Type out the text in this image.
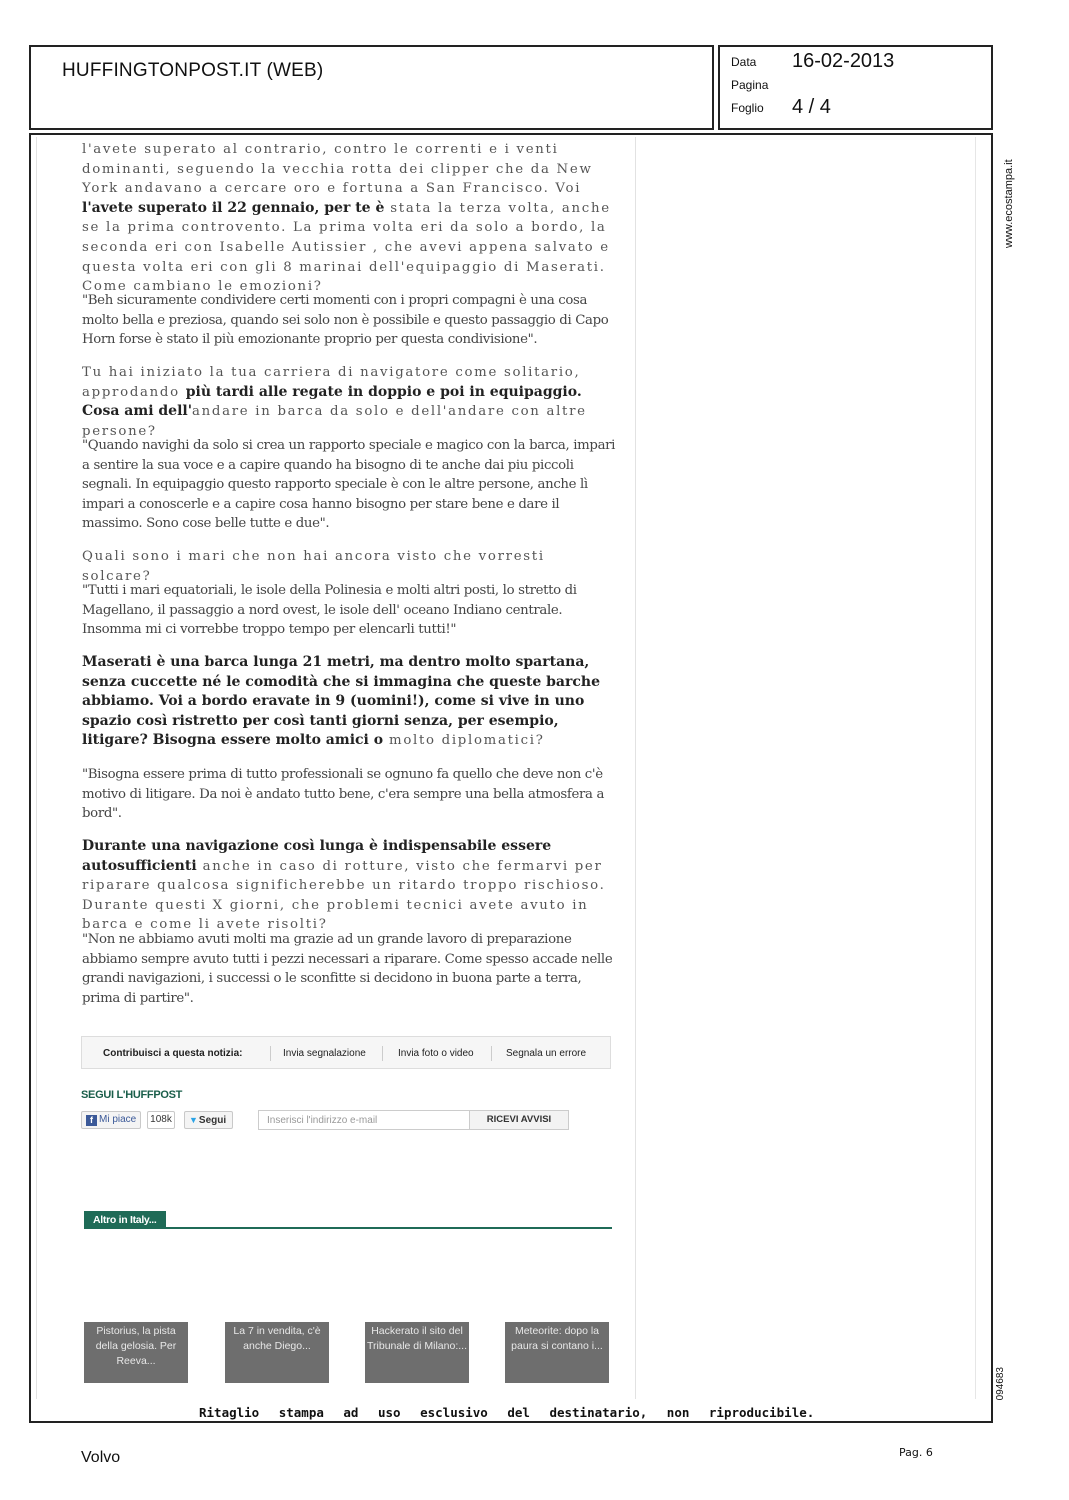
HUFFINGTONPOST.IT (WEB)	Data 16-02-2013
Pagina
Foglio 4 / 4

l'avete superato al contrario, contro le correnti e i venti dominanti, seguendo la vecchia rotta dei clipper che da New York andavano a cercare oro e fortuna a San Francisco. Voi l'avete superato il 22 gennaio, per te è stata la terza volta, anche se la prima controvento. La prima volta eri da solo a bordo, la seconda eri con Isabelle Autissier , che avevi appena salvato e questa volta eri con gli 8 marinai dell'equipaggio di Maserati. Come cambiano le emozioni?

"Beh sicuramente condividere certi momenti con i propri compagni è una cosa molto bella e preziosa, quando sei solo non è possibile e questo passaggio di Capo Horn forse è stato il più emozionante proprio per questa condivisione".

Tu hai iniziato la tua carriera di navigatore come solitario, approdando più tardi alle regate in doppio e poi in equipaggio. Cosa ami dell'andare in barca da solo e dell'andare con altre persone?

"Quando navighi da solo si crea un rapporto speciale e magico con la barca, impari a sentire la sua voce e a capire quando ha bisogno di te anche dai piu piccoli segnali. In equipaggio questo rapporto speciale è con le altre persone, anche lì impari a conoscerle e a capire cosa hanno bisogno per stare bene e dare il massimo. Sono cose belle tutte e due".

Quali sono i mari che non hai ancora visto che vorresti solcare?

"Tutti i mari equatoriali, le isole della Polinesia e molti altri posti, lo stretto di Magellano, il passaggio a nord ovest, le isole dell' oceano Indiano centrale. Insomma mi ci vorrebbe troppo tempo per elencarli tutti!"

Maserati è una barca lunga 21 metri, ma dentro molto spartana, senza cuccette né le comodità che si immagina che queste barche abbiamo. Voi a bordo eravate in 9 (uomini!), come si vive in uno spazio così ristretto per così tanti giorni senza, per esempio, litigare? Bisogna essere molto amici o molto diplomatici?

"Bisogna essere prima di tutto professionali se ognuno fa quello che deve non c'è motivo di litigare. Da noi è andato tutto bene, c'era sempre una bella atmosfera a bord".

Durante una navigazione così lunga è indispensabile essere autosufficienti anche in caso di rotture, visto che fermarvi per riparare qualcosa significherebbe un ritardo troppo rischioso. Durante questi X giorni, che problemi tecnici avete avuto in barca e come li avete risolti?

"Non ne abbiamo avuti molti ma grazie ad un grande lavoro di preparazione abbiamo sempre avuto tutti i pezzi necessari a riparare. Come spesso accade nelle grandi navigazioni, i successi o le sconfitte si decidono in buona parte a terra, prima di partire".

Contribuisci a questa notizia:	Invia segnalazione	Invia foto o video	Segnala un errore
SEGUI L'HUFFPOST
f Mi piace	108k	▼Segui	Inserisci l'indirizzo e-mail	RICEVI AVVISI
Altro in Italy...
Pistorius, la pista della gelosia. Per Reeva...
La 7 in vendita, c'è anche Diego...
Hackerato il sito del Tribunale di Milano:...
Meteorite: dopo la paura si contano i...
Ritaglio stampa ad uso esclusivo del destinatario, non riproducibile.
www.ecostampa.it
094683
Volvo	Pag. 6
